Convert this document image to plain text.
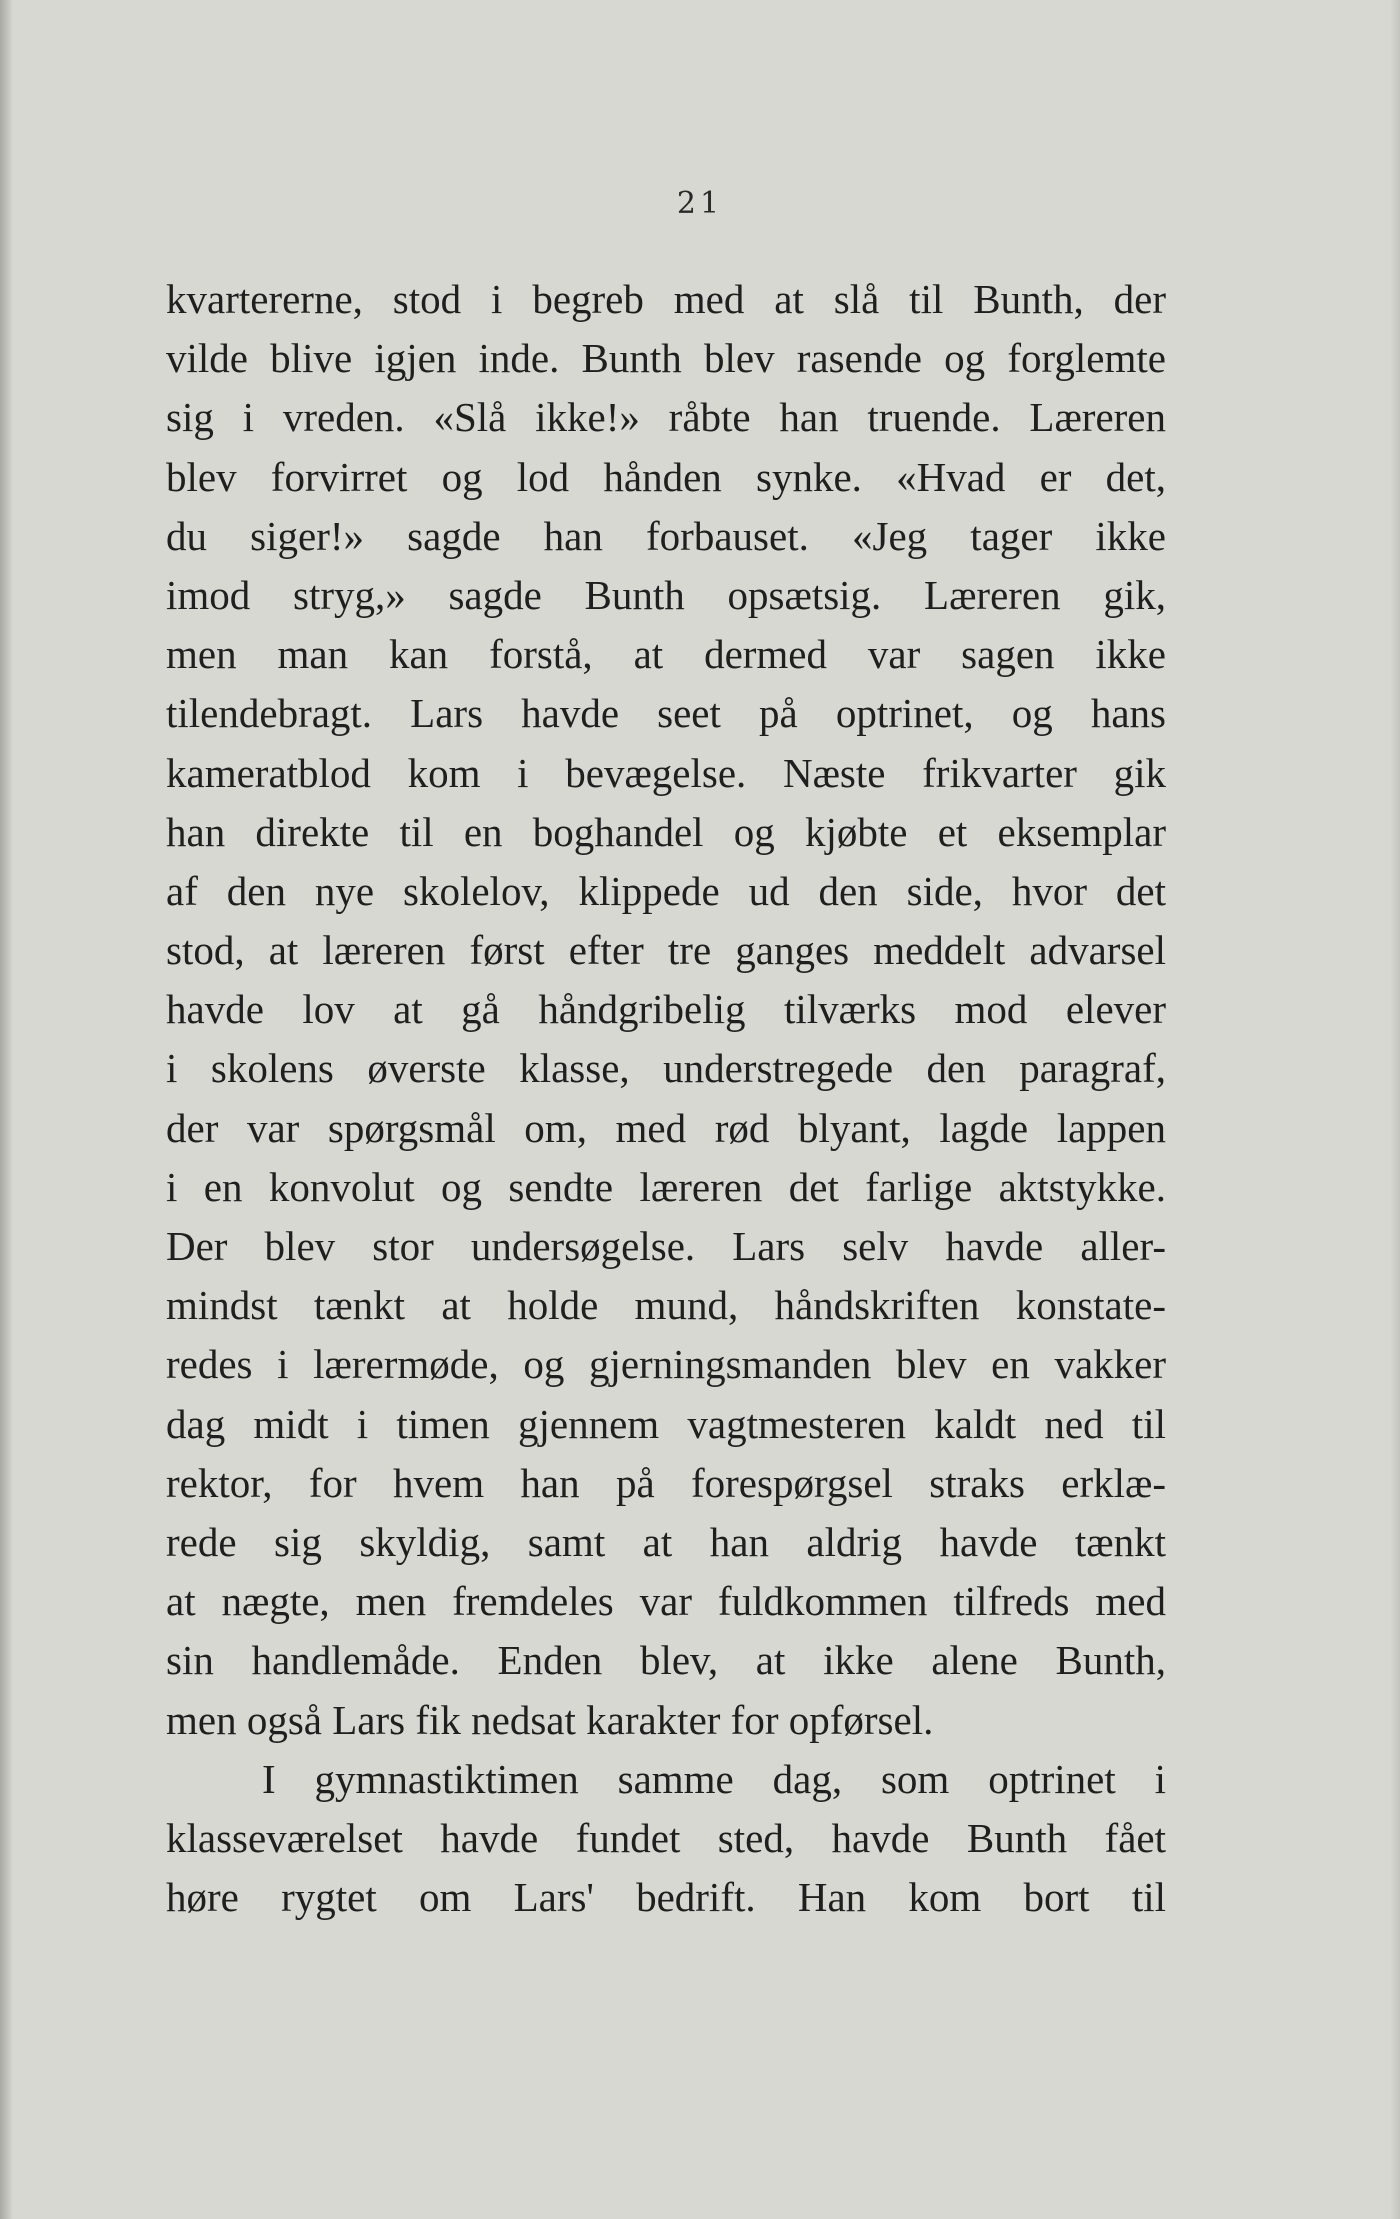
21
kvartererne, stod i begreb med at slå til Bunth, der
vilde blive igjen inde. Bunth blev rasende og forglemte
sig i vreden. «Slå ikke!» råbte han truende. Læreren
blev forvirret og lod hånden synke. «Hvad er det,
du siger!» sagde han forbauset. «Jeg tager ikke
imod stryg,» sagde Bunth opsætsig. Læreren gik,
men man kan forstå, at dermed var sagen ikke
tilendebragt. Lars havde seet på optrinet, og hans
kameratblod kom i bevægelse. Næste frikvarter gik
han direkte til en boghandel og kjøbte et eksemplar
af den nye skolelov, klippede ud den side, hvor det
stod, at læreren først efter tre ganges meddelt advarsel
havde lov at gå håndgribelig tilværks mod elever
i skolens øverste klasse, understregede den paragraf,
der var spørgsmål om, med rød blyant, lagde lappen
i en konvolut og sendte læreren det farlige aktstykke.
Der blev stor undersøgelse. Lars selv havde aller-
mindst tænkt at holde mund, håndskriften konstate-
redes i lærermøde, og gjerningsmanden blev en vakker
dag midt i timen gjennem vagtmesteren kaldt ned til
rektor, for hvem han på forespørgsel straks erklæ-
rede sig skyldig, samt at han aldrig havde tænkt
at nægte, men fremdeles var fuldkommen tilfreds med
sin handlemåde. Enden blev, at ikke alene Bunth,
men også Lars fik nedsat karakter for opførsel.
I gymnastiktimen samme dag, som optrinet i
klasseværelset havde fundet sted, havde Bunth fået
høre rygtet om Lars' bedrift. Han kom bort til
